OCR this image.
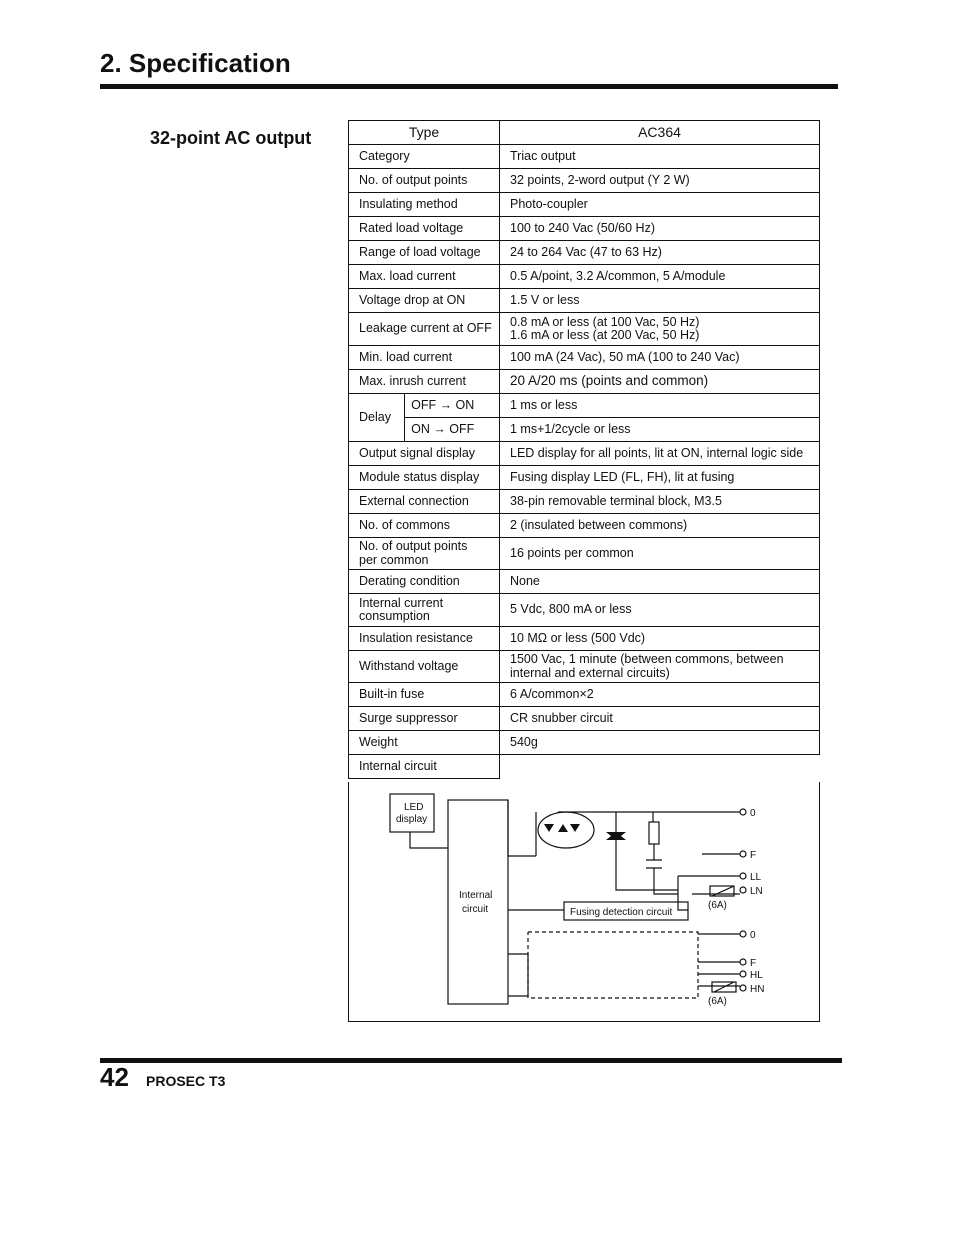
2. Specification
32-point AC output	Type		AC364
Category		Triac output
No. of output points		32 points, 2-word output (Y 2 W)
Insulating method		Photo-coupler
Rated load voltage		100 to 240 Vac (50/60 Hz)
Range of load voltage		24 to 264 Vac (47 to 63 Hz)
Max. load current		0.5 A/point, 3.2 A/common, 5 A/module
Voltage drop at ON		1.5 V or less
Leakage current at OFF		0.8 mA or less (at 100 Vac, 50 Hz)
1.6 mA or less (at 200 Vac, 50 Hz)

Min. load current		100 mA (24 Vac), 50 mA (100 to 240 Vac)
Max. inrush current		20 A/20 ms (points and common)
Delay	OFF → ON	1 ms or less
	ON → OFF	1 ms+1/2cycle or less
Output signal display		LED display for all points, lit at ON, internal logic side
Module status display		Fusing display LED (FL, FH), lit at fusing
External connection		38-pin removable terminal block, M3.5
No. of commons		2 (insulated between commons)

No. of output points
per common		16 points per common
Derating condition		None

Internal current
consumption		5 Vdc, 800 mA or less
Insulation resistance		10 MΩ or less (500 Vdc)
Withstand voltage		1500 Vac, 1 minute (between commons, between
internal and external circuits)

Built-in fuse		6 A/common×2
Surge suppressor		CR snubber circuit
Weight		540g
Internal circuit		
LED
display
Internal
circuit	Fusing detection circuit
0
F
LL
LN
(6A)
0
F
HL
HN
(6A)
42 PROSEC T3
